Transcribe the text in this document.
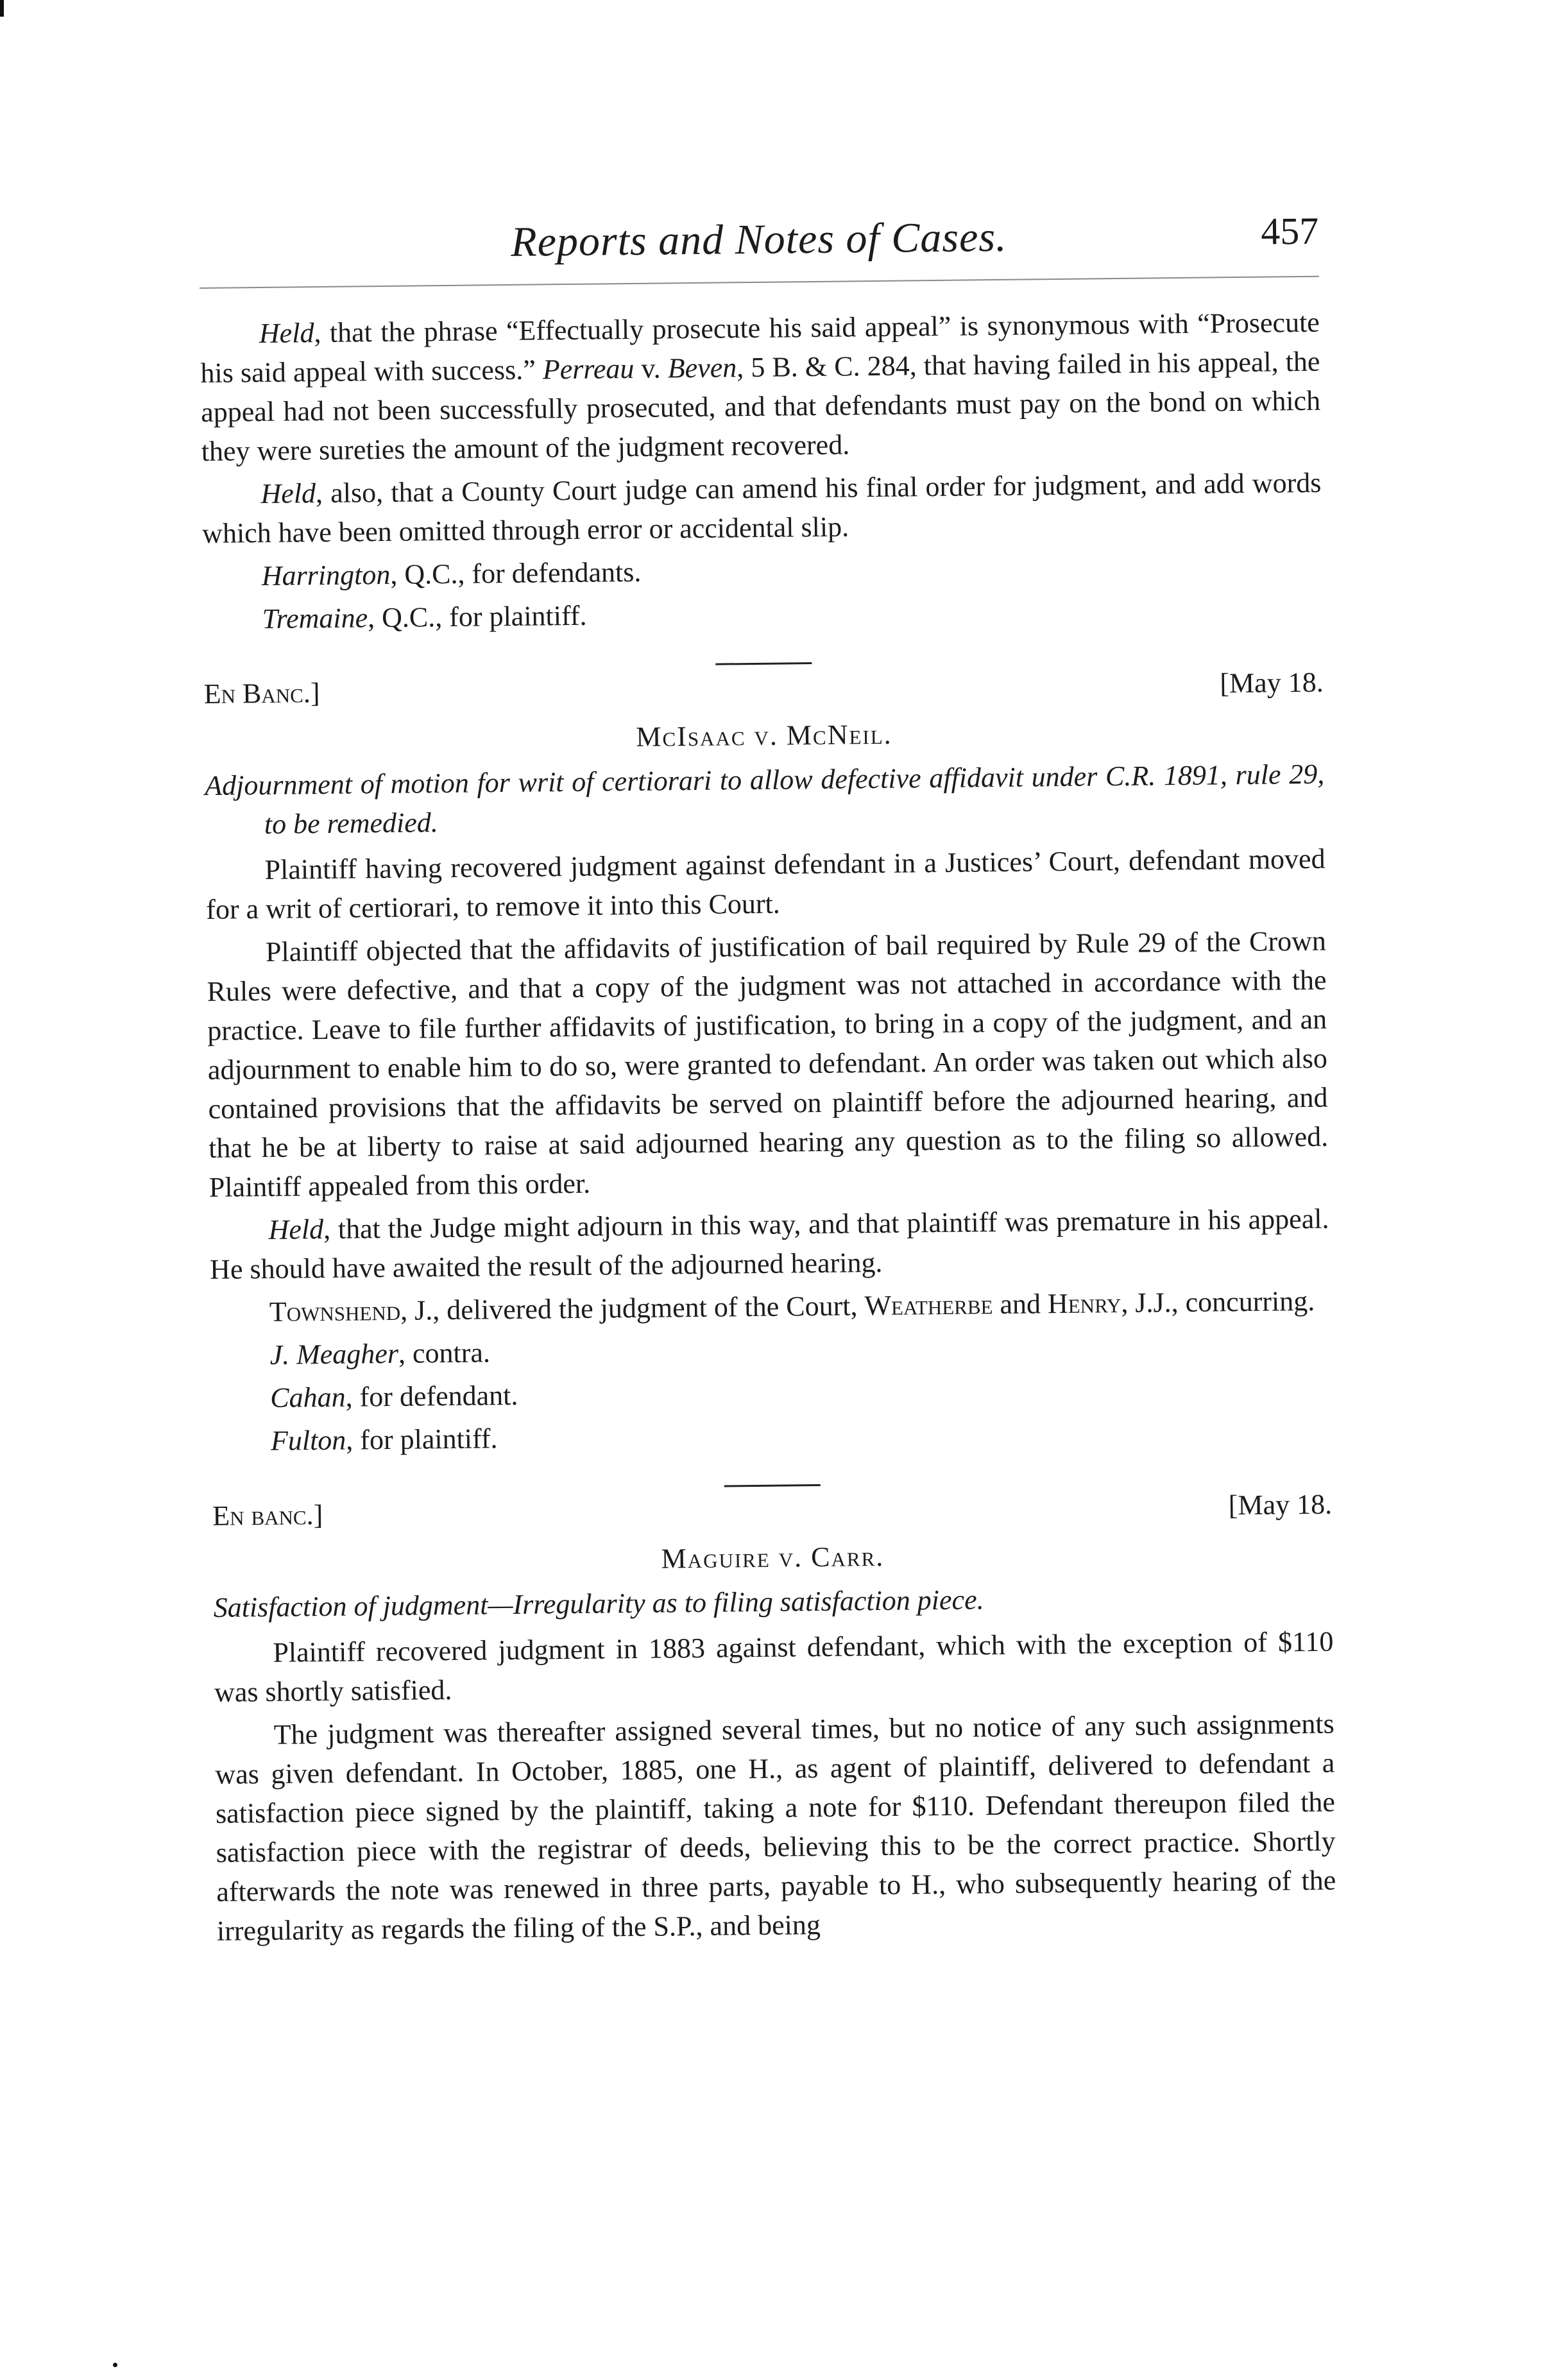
Reports and Notes of Cases.	457

Held, that the phrase “Effectually prosecute his said appeal” is synonymous with “Prosecute his said appeal with success.” Perreau v. Beven, 5 B. & C. 284, that having failed in his appeal, the appeal had not been successfully prosecuted, and that defendants must pay on the bond on which they were sureties the amount of the judgment recovered.

Held, also, that a County Court judge can amend his final order for judgment, and add words which have been omitted through error or accidental slip.

Harrington, Q.C., for defendants.

Tremaine, Q.C., for plaintiff.

En Banc.]	[May 18.
McIsaac v. McNeil.
Adjournment of motion for writ of certiorari to allow defective affidavit under C.R. 1891, rule 29, to be remedied.

Plaintiff having recovered judgment against defendant in a Justices’ Court, defendant moved for a writ of certiorari, to remove it into this Court.

Plaintiff objected that the affidavits of justification of bail required by Rule 29 of the Crown Rules were defective, and that a copy of the judgment was not attached in accordance with the practice. Leave to file further affidavits of justification, to bring in a copy of the judgment, and an adjournment to enable him to do so, were granted to defendant. An order was taken out which also contained provisions that the affidavits be served on plaintiff before the adjourned hearing, and that he be at liberty to raise at said adjourned hearing any question as to the filing so allowed. Plaintiff appealed from this order.

Held, that the Judge might adjourn in this way, and that plaintiff was premature in his appeal. He should have awaited the result of the adjourned hearing.

Townshend, J., delivered the judgment of the Court, Weatherbe and Henry, J.J., concurring.

J. Meagher, contra.

Cahan, for defendant.

Fulton, for plaintiff.

En banc.]	[May 18.
Maguire v. Carr.
Satisfaction of judgment—Irregularity as to filing satisfaction piece.

Plaintiff recovered judgment in 1883 against defendant, which with the exception of $110 was shortly satisfied.

The judgment was thereafter assigned several times, but no notice of any such assignments was given defendant. In October, 1885, one H., as agent of plaintiff, delivered to defendant a satisfaction piece signed by the plaintiff, taking a note for $110. Defendant thereupon filed the satisfaction piece with the registrar of deeds, believing this to be the correct practice. Shortly afterwards the note was renewed in three parts, payable to H., who subsequently hearing of the irregularity as regards the filing of the S.P., and being
